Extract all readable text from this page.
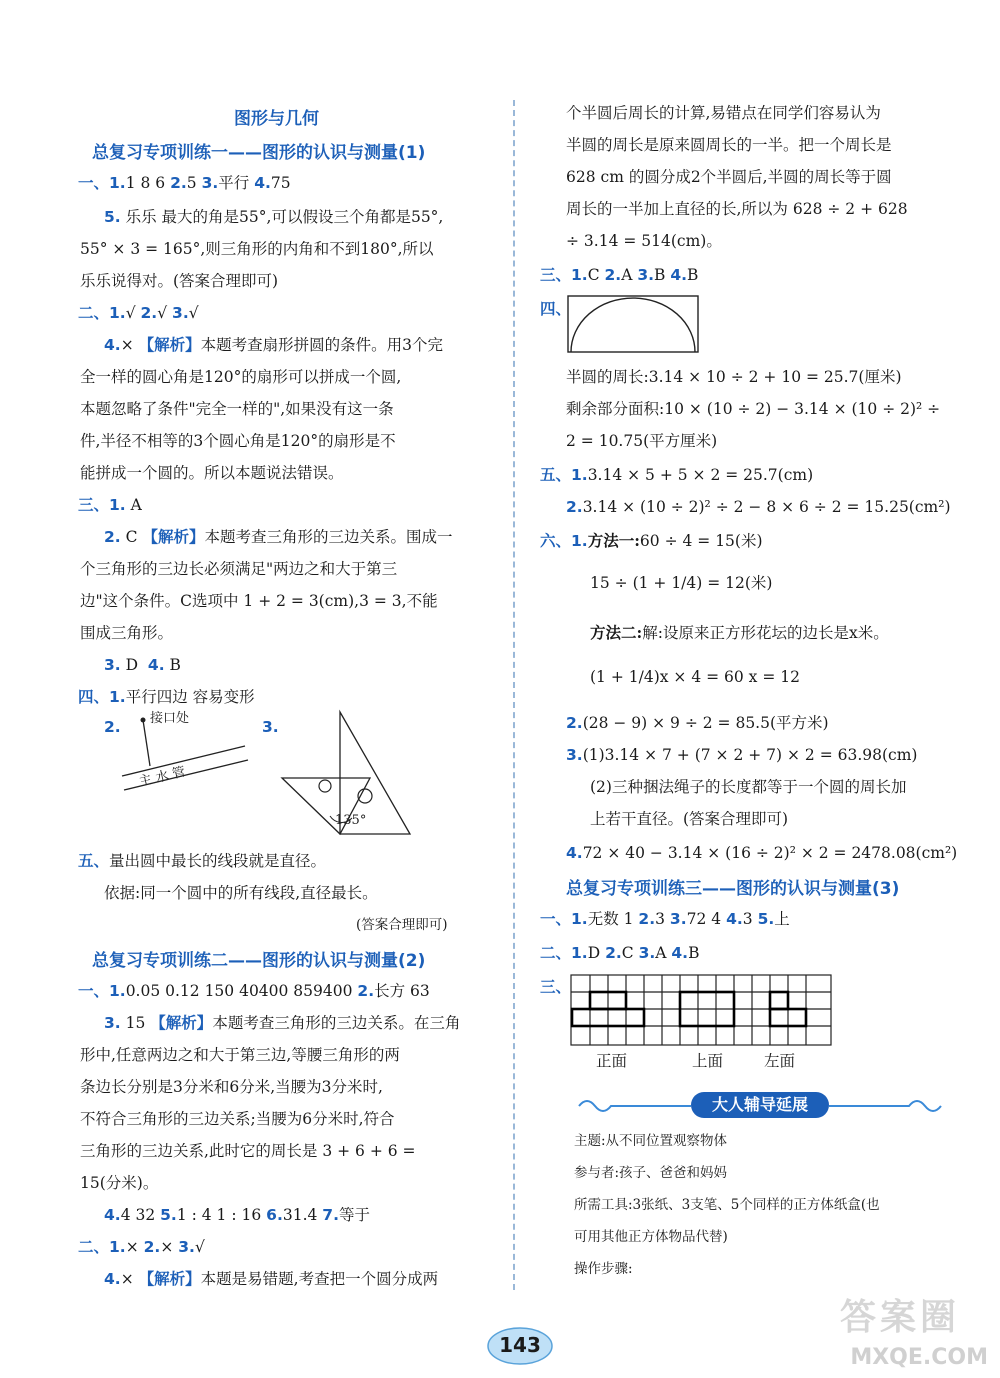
图形与几何
总复习专项训练一——图形的认识与测量(1)
一、1.1 8 6 2.5 3.平行 4.75
5. 乐乐 最大的角是55°,可以假设三个角都是55°,
55° × 3 = 165°,则三角形的内角和不到180°,所以
乐乐说得对。(答案合理即可)
二、1.√ 2.√ 3.√
4.× 【解析】本题考查扇形拼圆的条件。用3个完
全一样的圆心角是120°的扇形可以拼成一个圆,
本题忽略了条件"完全一样的",如果没有这一条
件,半径不相等的3个圆心角是120°的扇形是不
能拼成一个圆的。所以本题说法错误。
三、1. A
2. C 【解析】本题考查三角形的三边关系。围成一
个三角形的三边长必须满足"两边之和大于第三
边"这个条件。C选项中 1 + 2 = 3(cm),3 = 3,不能
围成三角形。
3. D 4. B
四、1.平行四边 容易变形
2. 接口处
主 水 管
3.
135°
五、量出圆中最长的线段就是直径。
依据:同一个圆中的所有线段,直径最长。
(答案合理即可)
总复习专项训练二——图形的认识与测量(2)
一、1.0.05 0.12 150 40400 859400 2.长方 63
3. 15 【解析】本题考查三角形的三边关系。在三角
形中,任意两边之和大于第三边,等腰三角形的两
条边长分别是3分米和6分米,当腰为3分米时,
不符合三角形的三边关系;当腰为6分米时,符合
三角形的三边关系,此时它的周长是 3 + 6 + 6 =
15(分米)。
4.4 32 5.1 : 4 1 : 16 6.31.4 7.等于
二、1.× 2.× 3.√
4.× 【解析】本题是易错题,考查把一个圆分成两
个半圆后周长的计算,易错点在同学们容易认为
半圆的周长是原来圆周长的一半。把一个周长是
628 cm 的圆分成2个半圆后,半圆的周长等于圆
周长的一半加上直径的长,所以为 628 ÷ 2 + 628
÷ 3.14 = 514(cm)。
三、1.C 2.A 3.B 4.B
四、
半圆的周长:3.14 × 10 ÷ 2 + 10 = 25.7(厘米)
剩余部分面积:10 × (10 ÷ 2) − 3.14 × (10 ÷ 2)² ÷
2 = 10.75(平方厘米)
五、1.3.14 × 5 + 5 × 2 = 25.7(cm)
2.3.14 × (10 ÷ 2)² ÷ 2 − 8 × 6 ÷ 2 = 15.25(cm²)
六、1.方法一:60 ÷ 4 = 15(米)
15 ÷ (1 + 1/4) = 12(米)
方法二:解:设原来正方形花坛的边长是x米。
(1 + 1/4)x × 4 = 60 x = 12
2.(28 − 9) × 9 ÷ 2 = 85.5(平方米)
3.(1)3.14 × 7 + (7 × 2 + 7) × 2 = 63.98(cm)
(2)三种捆法绳子的长度都等于一个圆的周长加
上若干直径。(答案合理即可)
4.72 × 40 − 3.14 × (16 ÷ 2)² × 2 = 2478.08(cm²)
总复习专项训练三——图形的认识与测量(3)
一、1.无数 1 2.3 3.72 4 4.3 5.上
二、1.D 2.C 3.A 4.B
三、
正面	上面	左面
大人辅导延展
主题:从不同位置观察物体
参与者:孩子、爸爸和妈妈
所需工具:3张纸、3支笔、5个同样的正方体纸盒(也
可用其他正方体物品代替)
操作步骤:
143
答案圈
MXQE.COM
